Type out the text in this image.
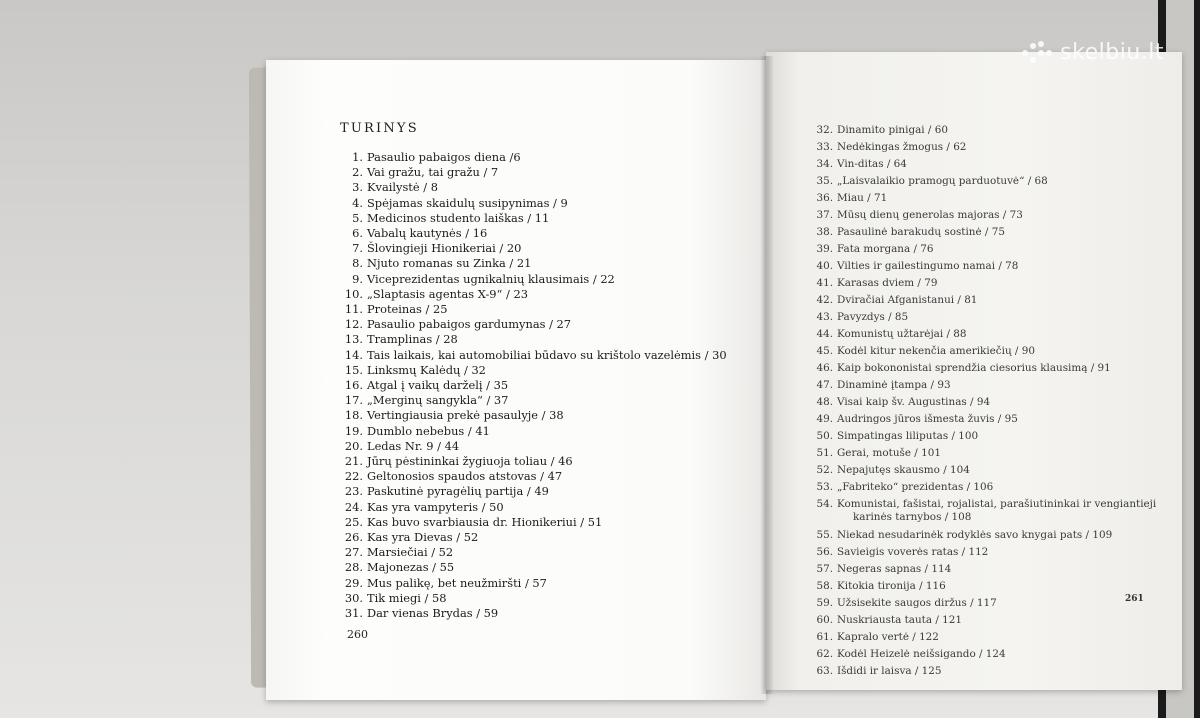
skelbiu.lt
TURINYS
1. Pasaulio pabaigos diena /6
2. Vai gražu, tai gražu / 7
3. Kvailystė / 8
4. Spėjamas skaidulų susipynimas / 9
5. Medicinos studento laiškas / 11
6. Vabalų kautynės / 16
7. Šlovingieji Hionikeriai / 20
8. Njuto romanas su Zinka / 21
9. Viceprezidentas ugnikalnių klausimais / 22
10. „Slaptasis agentas X-9“ / 23
11. Proteinas / 25
12. Pasaulio pabaigos gardumynas / 27
13. Tramplinas / 28
14. Tais laikais, kai automobiliai būdavo su krištolo vazelėmis / 30
15. Linksmų Kalėdų / 32
16. Atgal į vaikų darželį / 35
17. „Merginų sangykla“ / 37
18. Vertingiausia prekė pasaulyje / 38
19. Dumblo nebebus / 41
20. Ledas Nr. 9 / 44
21. Jūrų pėstininkai žygiuoja toliau / 46
22. Geltonosios spaudos atstovas / 47
23. Paskutinė pyragėlių partija / 49
24. Kas yra vampyteris / 50
25. Kas buvo svarbiausia dr. Hionikeriui / 51
26. Kas yra Dievas / 52
27. Marsiečiai / 52
28. Majonezas / 55
29. Mus palikę, bet neužmiršti / 57
30. Tik miegi / 58
31. Dar vienas Brydas / 59
32. Dinamito pinigai / 60
33. Nedėkingas žmogus / 62
34. Vin-ditas / 64
35. „Laisvalaikio pramogų parduotuvė“ / 68
36. Miau / 71
37. Mūsų dienų generolas majoras / 73
38. Pasaulinė barakudų sostinė / 75
39. Fata morgana / 76
40. Vilties ir gailestingumo namai / 78
41. Karasas dviem / 79
42. Dviračiai Afganistanui / 81
43. Pavyzdys / 85
44. Komunistų užtarėjai / 88
45. Kodėl kitur nekenčia amerikiečių / 90
46. Kaip bokononistai sprendžia ciesorius klausimą / 91
47. Dinaminė įtampa / 93
48. Visai kaip šv. Augustinas / 94
49. Audringos jūros išmesta žuvis / 95
50. Simpatingas liliputas / 100
51. Gerai, motuše / 101
52. Nepajutęs skausmo / 104
53. „Fabriteko“ prezidentas / 106
54. Komunistai, fašistai, rojalistai, parašiutininkai ir vengiantieji
karinės tarnybos / 108
55. Niekad nesudarinėk rodyklės savo knygai pats / 109
56. Savieigis voverės ratas / 112
57. Negeras sapnas / 114
58. Kitokia tironija / 116
59. Užsisekite saugos diržus / 117
60. Nuskriausta tauta / 121
61. Kapralo vertė / 122
62. Kodėl Heizelė neišsigando / 124
63. Išdidi ir laisva / 125
260
261
